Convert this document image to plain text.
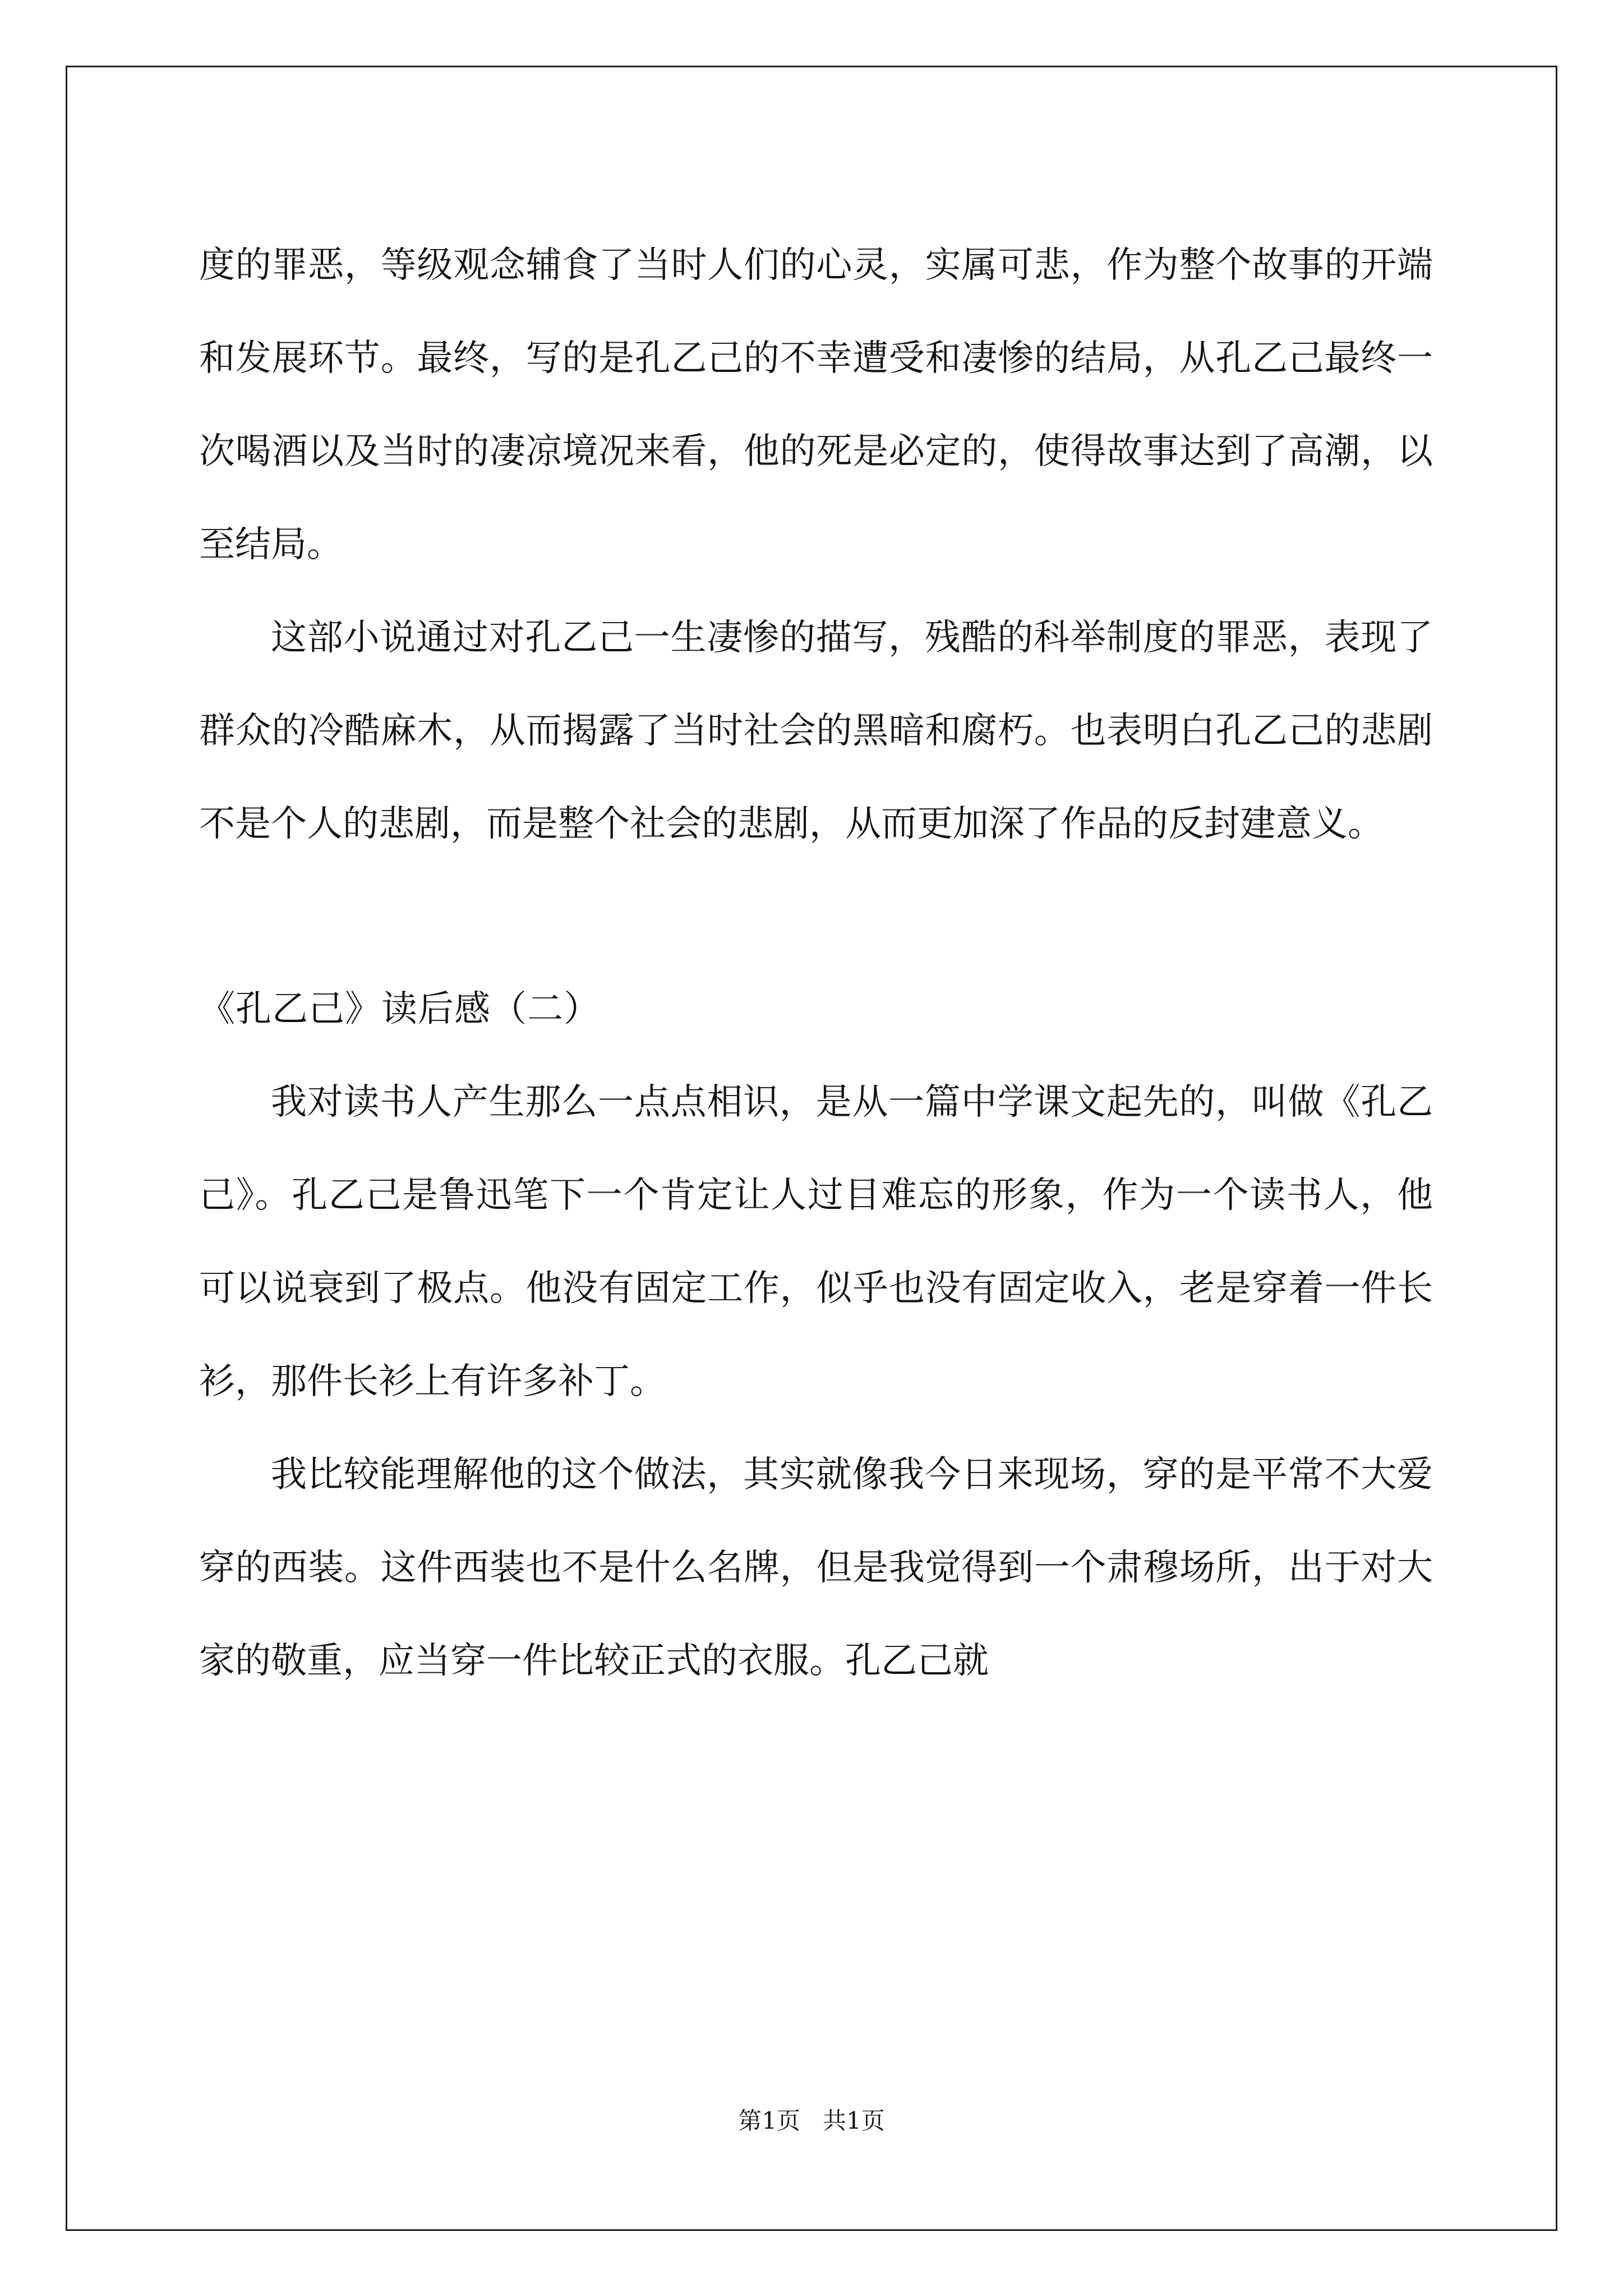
度的罪恶，等级观念辅食了当时人们的心灵，实属可悲，作为整个故事的开端和发展环节。最终，写的是孔乙己的不幸遭受和凄惨的结局，从孔乙己最终一次喝酒以及当时的凄凉境况来看，他的死是必定的，使得故事达到了高潮，以至结局。

这部小说通过对孔乙己一生凄惨的描写，残酷的科举制度的罪恶，表现了群众的冷酷麻木，从而揭露了当时社会的黑暗和腐朽。也表明白孔乙己的悲剧不是个人的悲剧，而是整个社会的悲剧，从而更加深了作品的反封建意义。

《孔乙己》读后感（二）

我对读书人产生那么一点点相识，是从一篇中学课文起先的，叫做《孔乙己》。孔乙己是鲁迅笔下一个肯定让人过目难忘的形象，作为一个读书人，他可以说衰到了极点。他没有固定工作，似乎也没有固定收入，老是穿着一件长衫，那件长衫上有许多补丁。

我比较能理解他的这个做法，其实就像我今日来现场，穿的是平常不大爱穿的西装。这件西装也不是什么名牌，但是我觉得到一个肃穆场所，出于对大家的敬重，应当穿一件比较正式的衣服。孔乙己就

第1页 共1页
